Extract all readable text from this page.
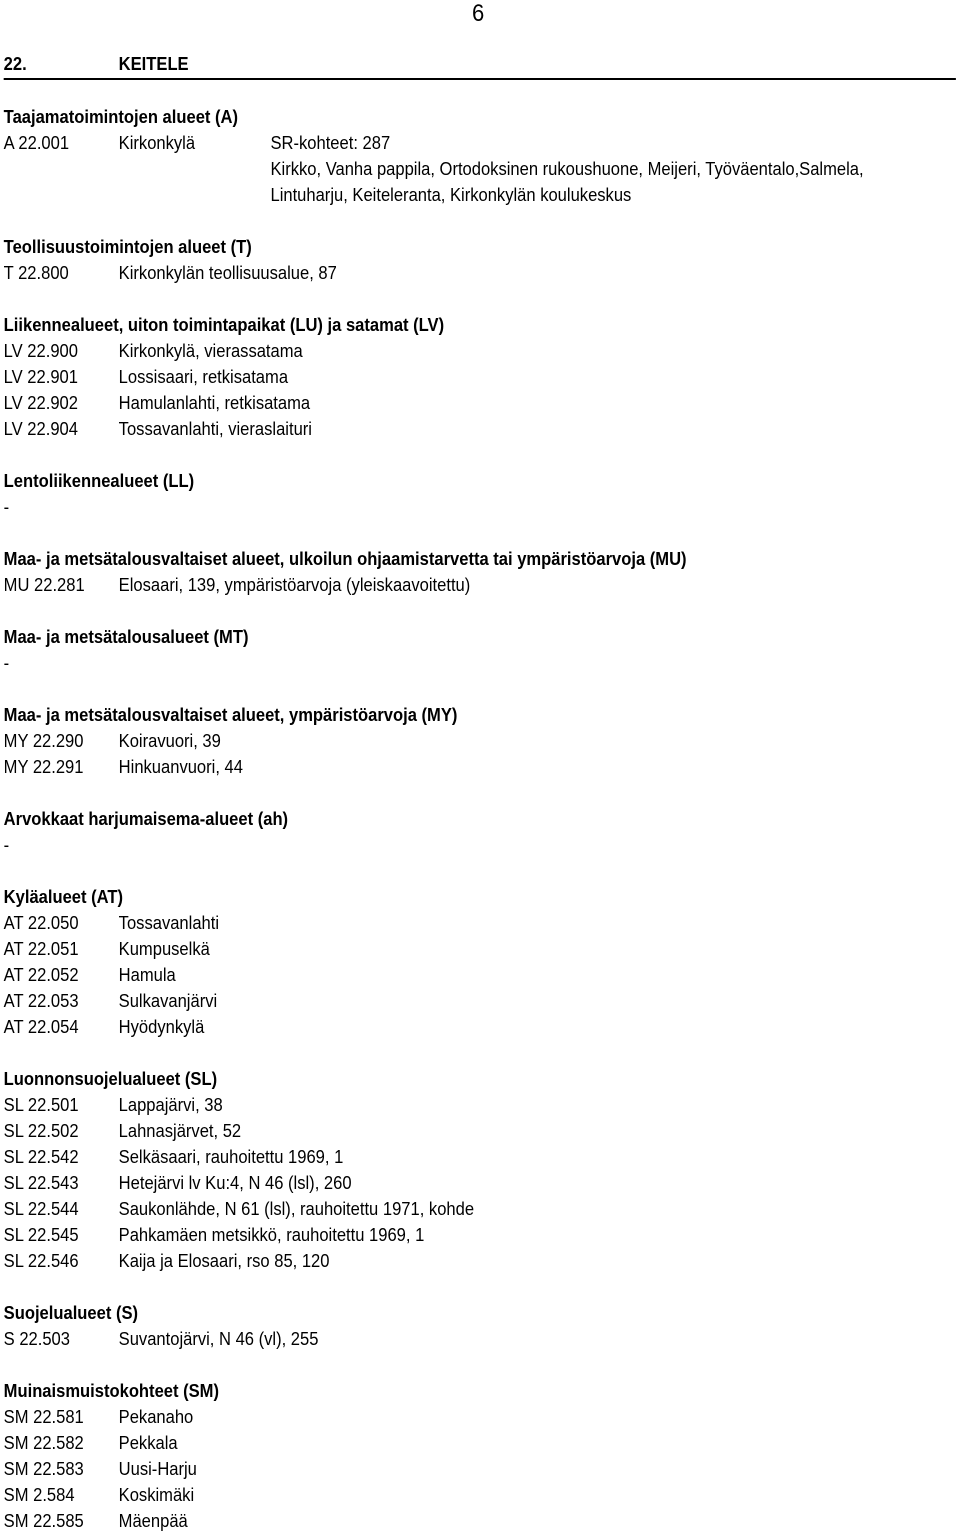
6
22.	KEITELE
Taajamatoimintojen alueet (A)
A 22.001	Kirkonkylä	SR-kohteet: 287
Kirkko, Vanha pappila, Ortodoksinen rukoushuone, Meijeri, Työväentalo,Salmela,
Lintuharju, Keiteleranta, Kirkonkylän koulukeskus
Teollisuustoimintojen alueet (T)
T 22.800	Kirkonkylän teollisuusalue, 87
Liikennealueet, uiton toimintapaikat (LU) ja satamat (LV)
LV 22.900 Kirkonkylä, vierassatama
LV 22.901 Lossisaari, retkisatama
LV 22.902 Hamulanlahti, retkisatama
LV 22.904 Tossavanlahti, vieraslaituri
Lentoliikennealueet (LL)
-
Maa- ja metsätalousvaltaiset alueet, ulkoilun ohjaamistarvetta tai ympäristöarvoja (MU)
MU 22.281 Elosaari, 139, ympäristöarvoja (yleiskaavoitettu)
Maa- ja metsätalousalueet (MT)
-
Maa- ja metsätalousvaltaiset alueet, ympäristöarvoja (MY)
MY 22.290 Koiravuori, 39
MY 22.291 Hinkuanvuori, 44
Arvokkaat harjumaisema-alueet (ah)
-
Kyläalueet (AT)
AT 22.050 Tossavanlahti
AT 22.051 Kumpuselkä
AT 22.052 Hamula
AT 22.053 Sulkavanjärvi
AT 22.054 Hyödynkylä
Luonnonsuojelualueet (SL)
SL 22.501 Lappajärvi, 38
SL 22.502 Lahnasjärvet, 52
SL 22.542 Selkäsaari, rauhoitettu 1969, 1
SL 22.543 Hetejärvi lv Ku:4, N 46 (lsl), 260
SL 22.544 Saukonlähde, N 61 (lsl), rauhoitettu 1971, kohde
SL 22.545 Pahkamäen metsikkö, rauhoitettu 1969, 1
SL 22.546 Kaija ja Elosaari, rso 85, 120
Suojelualueet (S)
S 22.503	Suvantojärvi, N 46 (vl), 255
Muinaismuistokohteet (SM)
SM 22.581 Pekanaho
SM 22.582 Pekkala
SM 22.583 Uusi-Harju
SM 2.584 Koskimäki
SM 22.585 Mäenpää
